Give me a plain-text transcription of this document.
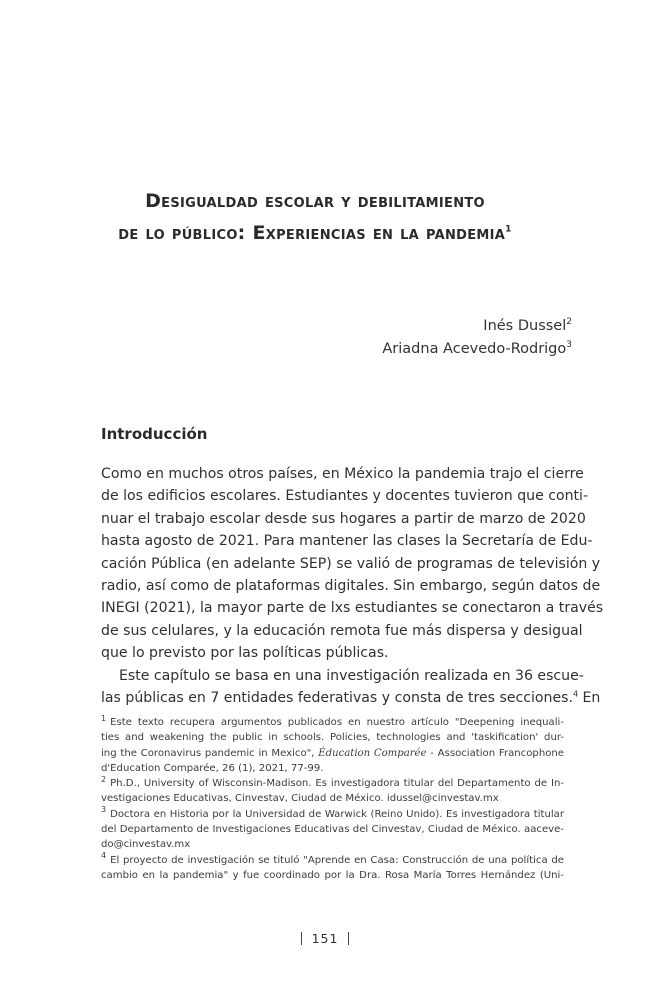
Desigualdad escolar y debilitamiento
de lo público: Experiencias en la pandemia$^1$
Inés Dussel$^2$
Ariadna Acevedo-Rodrigo$^3$
Introducción
Como en muchos otros países, en México la pandemia trajo el cierre
de los edificios escolares. Estudiantes y docentes tuvieron que conti-
nuar el trabajo escolar desde sus hogares a partir de marzo de 2020
hasta agosto de 2021. Para mantener las clases la Secretaría de Edu-
cación Pública (en adelante SEP) se valió de programas de televisión y
radio, así como de plataformas digitales. Sin embargo, según datos de
INEGI (2021), la mayor parte de lxs estudiantes se conectaron a través
de sus celulares, y la educación remota fue más dispersa y desigual
que lo previsto por las políticas públicas.
Este capítulo se basa en una investigación realizada en 36 escue-
las públicas en 7 entidades federativas y consta de tres secciones.$^4$ En
$^1$ Este texto recupera argumentos publicados en nuestro artículo "Deepening inequali-
ties and weakening the public in schools. Policies, technologies and 'taskification' dur-
ing the Coronavirus pandemic in Mexico", Éducation Comparée - Association Francophone
d'Education Comparée, 26 (1), 2021, 77-99.
$^2$ Ph.D., University of Wisconsin-Madison. Es investigadora titular del Departamento de In-
vestigaciones Educativas, Cinvestav, Ciudad de México. idussel@cinvestav.mx
$^3$ Doctora en Historia por la Universidad de Warwick (Reino Unido). Es investigadora titular
del Departamento de Investigaciones Educativas del Cinvestav, Ciudad de México. aaceve-
do@cinvestav.mx
$^4$ El proyecto de investigación se tituló "Aprende en Casa: Construcción de una política de
cambio en la pandemia" y fue coordinado por la Dra. Rosa María Torres Hernández (Uni-
151
